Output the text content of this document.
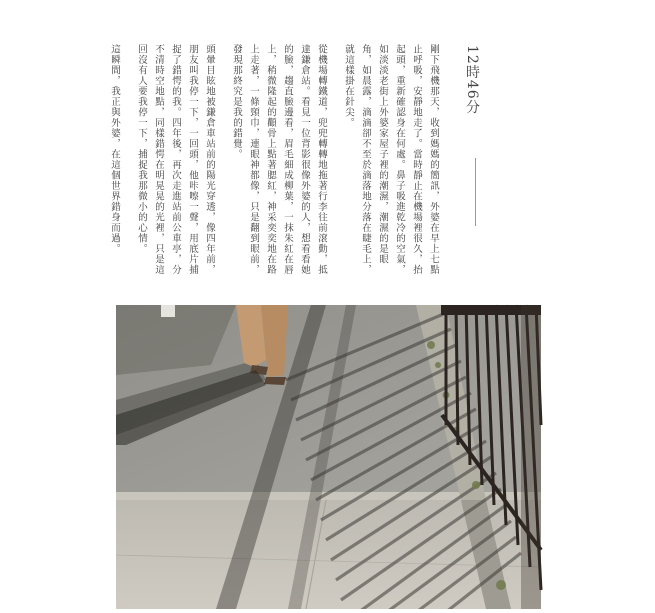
12時46分

剛下飛機那天，收到媽媽的簡訊，外婆在早上七點止呼吸，安靜地走了。當時靜止在機場裡很久，抬起頭，重新確認身在何處。鼻子吸進乾冷的空氣，如淡淡老街上外婆家屋子裡的潮濕，潮濕的是眼角，如晨露，滴滴卻不至於滴落地分落在睫毛上，就這樣掛在針尖。

從機場轉鐵道，兜兜轉轉地拖著行李往前滾動，抵達鎌倉站。看見一位背影很像外婆的人，想看看她的臉，趨直臉邊看，眉毛細成柳葉，一抹朱紅在唇上，稍微隆起的顴骨上點著腮紅，神采奕奕地在路上走著，一條頸巾，連眼神都像，只是翻到眼前，發現那終究是我的錯覺。

頭暈目眩地被鎌倉車站前的陽光穿透，像四年前，朋友叫我停一下，一回頭，他咔嚓一聲，用底片捕捉了錯愕的我。四年後，再次走進站前公車亭，分不清時空地點，同樣錯愕在明晃晃的光裡，只是這回沒有人要我停一下，捕捉我那微小的心情。

這瞬間，我正與外婆，在這個世界錯身而過。
